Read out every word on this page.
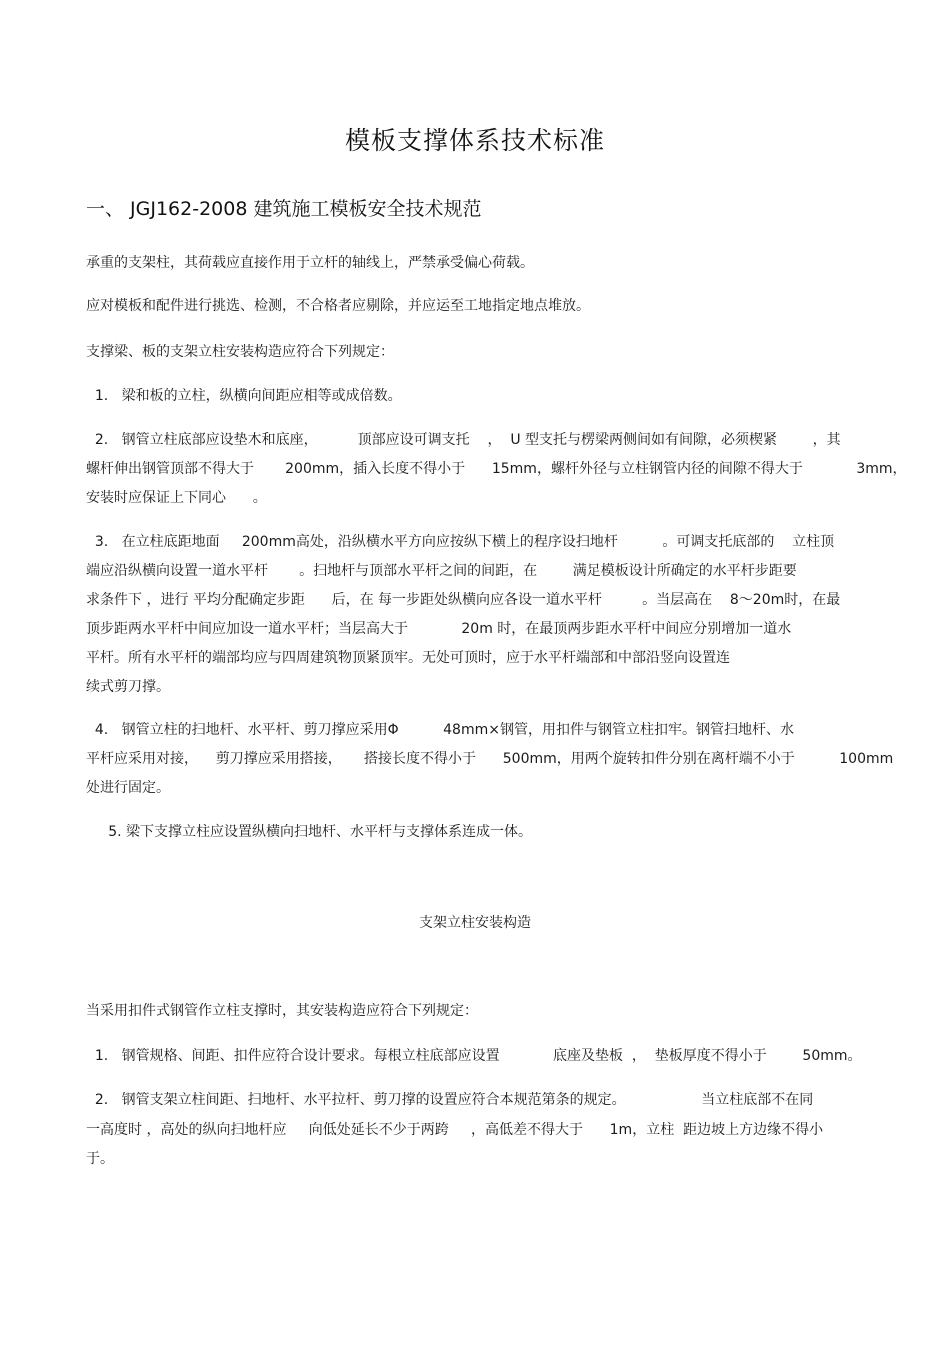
模板支撑体系技术标准
一、 JGJ162-2008 建筑施工模板安全技术规范
承重的支架柱，其荷载应直接作用于立杆的轴线上，严禁承受偏心荷载。
应对模板和配件进行挑选、检测，不合格者应剔除，并应运至工地指定地点堆放。
支撑梁、板的支架立柱安装构造应符合下列规定：
1.   梁和板的立柱，纵横向间距应相等或成倍数。
2.   钢管立柱底部应设垫木和底座，         顶部应设可调支托    ，  U 型支托与楞梁两侧间如有间隙，必须楔紧        ，其
螺杆伸出钢管顶部不得大于       200mm，插入长度不得小于      15mm，螺杆外径与立柱钢管内径的间隙不得大于            3mm，
安装时应保证上下同心      。
3.   在立柱底距地面     200mm高处，沿纵横水平方向应按纵下横上的程序设扫地杆          。可调支托底部的    立柱顶
端应沿纵横向设置一道水平杆       。扫地杆与顶部水平杆之间的间距，在        满足模板设计所确定的水平杆步距要
求条件下 ，进行 平均分配确定步距      后，在 每一步距处纵横向应各设一道水平杆         。当层高在    8～20m时，在最
顶步距两水平杆中间应加设一道水平杆；当层高大于            20m 时，在最顶两步距水平杆中间应分别增加一道水
平杆。所有水平杆的端部均应与四周建筑物顶紧顶牢。无处可顶时，应于水平杆端部和中部沿竖向设置连
续式剪刀撑。
4.   钢管立柱的扫地杆、水平杆、剪刀撑应采用Φ          48mm×钢管，用扣件与钢管立柱扣牢。钢管扫地杆、水
平杆应采用对接，    剪刀撑应采用搭接，     搭接长度不得小于      500mm，用两个旋转扣件分别在离杆端不小于          100mm
处进行固定。
5. 梁下支撑立柱应设置纵横向扫地杆、水平杆与支撑体系连成一体。
支架立柱安装构造
当采用扣件式钢管作立柱支撑时，其安装构造应符合下列规定：
1.   钢管规格、间距、扣件应符合设计要求。每根立柱底部应设置            底座及垫板  ，  垫板厚度不得小于        50mm。
2.   钢管支架立柱间距、扫地杆、水平拉杆、剪刀撑的设置应符合本规范第条的规定。                 当立柱底部不在同
一高度时 ，高处的纵向扫地杆应     向低处延长不少于两跨     ，高低差不得大于      1m，立柱  距边坡上方边缘不得小
于。
